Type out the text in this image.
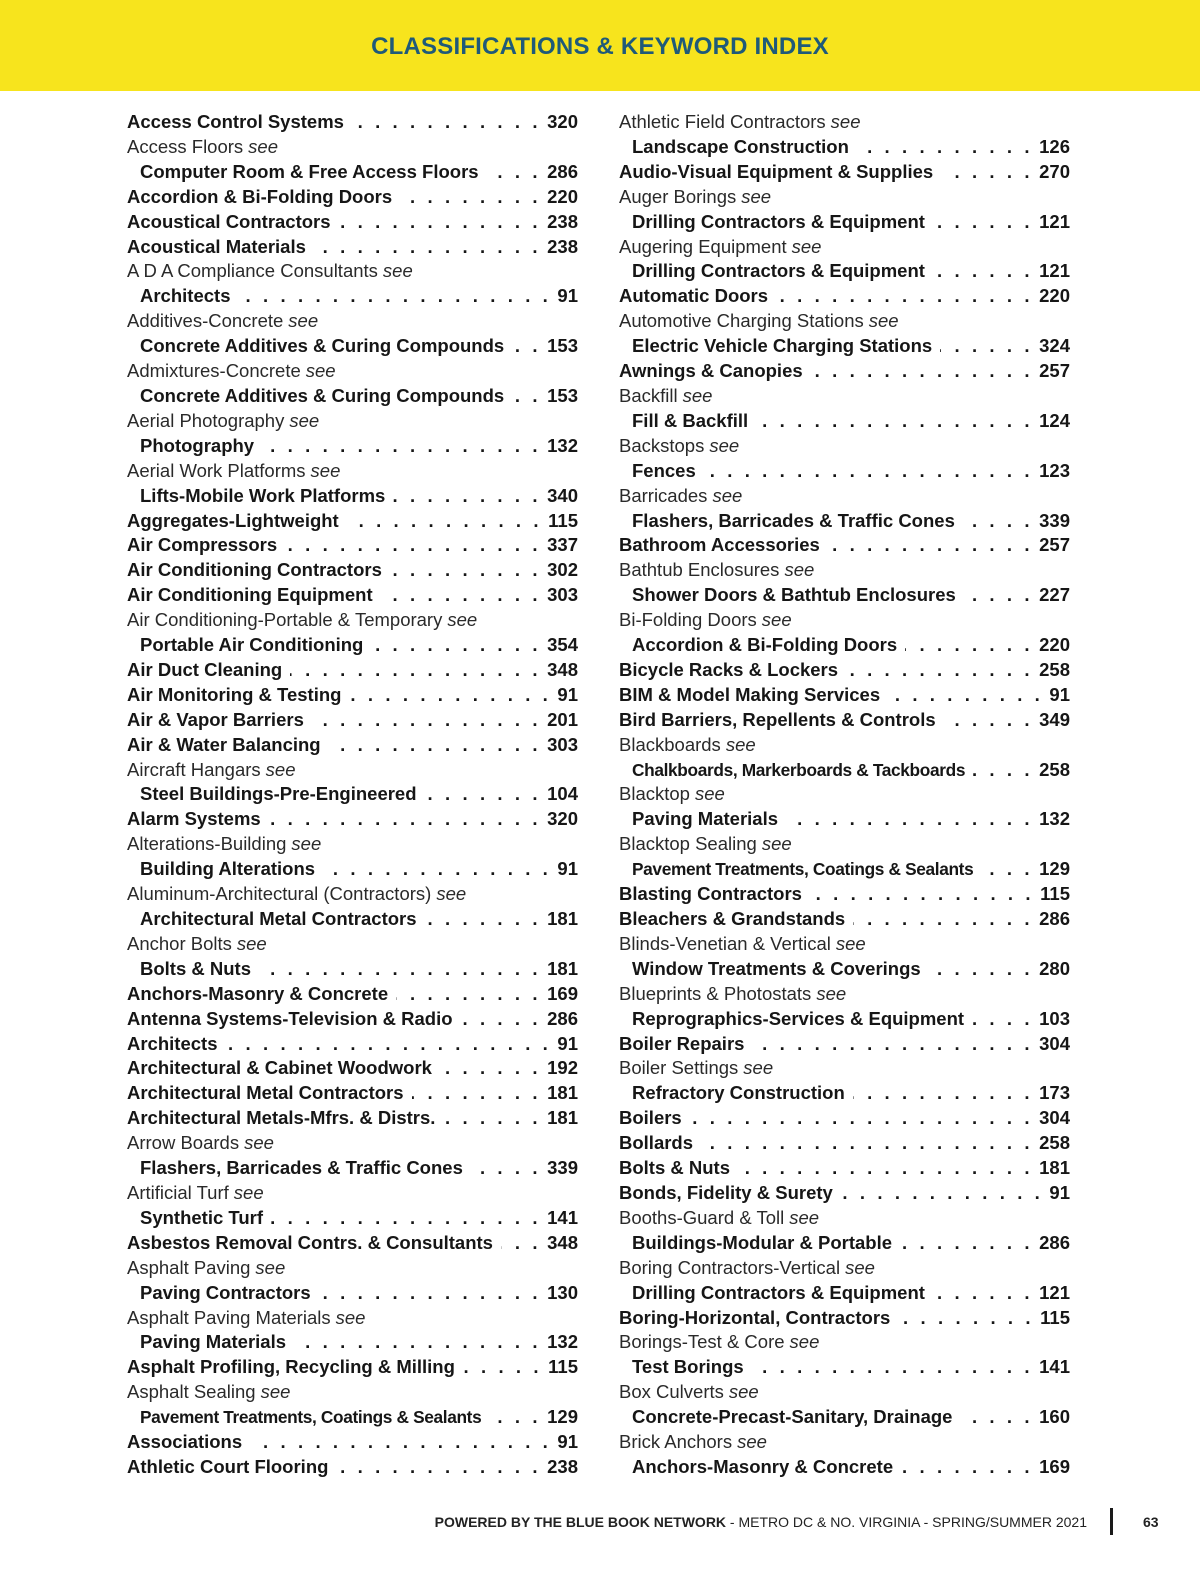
CLASSIFICATIONS & KEYWORD INDEX
Access Control Systems . . .	320
Access Floors see
Computer Room & Free Access Floors . . .	286
Accordion & Bi-Folding Doors . . .	220
Acoustical Contractors . . .	238
Acoustical Materials . . .	238
A D A Compliance Consultants see
Architects . . .	91
Additives-Concrete see
Concrete Additives & Curing Compounds . . . 153
Admixtures-Concrete see
Concrete Additives & Curing Compounds . . . 153
Aerial Photography see
Photography . . .	132
Aerial Work Platforms see
Lifts-Mobile Work Platforms . . .	340
Aggregates-Lightweight . . .	115
Air Compressors . . .	337
Air Conditioning Contractors . . .	302
Air Conditioning Equipment . . .	303
Air Conditioning-Portable & Temporary see
Portable Air Conditioning . . .	354
Air Duct Cleaning . . .	348
Air Monitoring & Testing . . .	91
Air & Vapor Barriers . . .	201
Air & Water Balancing . . .	303
Aircraft Hangars see
Steel Buildings-Pre-Engineered . . .	104
Alarm Systems . . .	320
Alterations-Building see
Building Alterations . . .	91
Aluminum-Architectural (Contractors) see
Architectural Metal Contractors . . .	181
Anchor Bolts see
Bolts & Nuts . . .	181
Anchors-Masonry & Concrete . . .	169
Antenna Systems-Television & Radio . . .	286
Architects . . .	91
Architectural & Cabinet Woodwork . . .	192
Architectural Metal Contractors . . .	181
Architectural Metals-Mfrs. & Distrs. . . .	181
Arrow Boards see
Flashers, Barricades & Traffic Cones . . .	339
Artificial Turf see
Synthetic Turf . . .	141
Asbestos Removal Contrs. & Consultants . . .	348
Asphalt Paving see
Paving Contractors . . .	130
Asphalt Paving Materials see
Paving Materials . . .	132
Asphalt Profiling, Recycling & Milling . . .	115
Asphalt Sealing see
Pavement Treatments, Coatings & Sealants . . .	129
Associations . . .	91
Athletic Court Flooring . . .	238
Athletic Field Contractors see
Landscape Construction . . .	126
Audio-Visual Equipment & Supplies . . .	270
Auger Borings see
Drilling Contractors & Equipment . . .	121
Augering Equipment see
Drilling Contractors & Equipment . . .	121
Automatic Doors . . .	220
Automotive Charging Stations see
Electric Vehicle Charging Stations . . .	324
Awnings & Canopies . . .	257
Backfill see
Fill & Backfill . . .	124
Backstops see
Fences . . .	123
Barricades see
Flashers, Barricades & Traffic Cones . . .	339
Bathroom Accessories . . .	257
Bathtub Enclosures see
Shower Doors & Bathtub Enclosures . . .	227
Bi-Folding Doors see
Accordion & Bi-Folding Doors . . .	220
Bicycle Racks & Lockers . . .	258
BIM & Model Making Services . . .	91
Bird Barriers, Repellents & Controls . . .	349
Blackboards see
Chalkboards, Markerboards & Tackboards . . .	258
Blacktop see
Paving Materials . . .	132
Blacktop Sealing see
Pavement Treatments, Coatings & Sealants . . .	129
Blasting Contractors . . .	115
Bleachers & Grandstands . . .	286
Blinds-Venetian & Vertical see
Window Treatments & Coverings . . .	280
Blueprints & Photostats see
Reprographics-Services & Equipment . . .	103
Boiler Repairs . . .	304
Boiler Settings see
Refractory Construction . . .	173
Boilers . . .	304
Bollards . . .	258
Bolts & Nuts . . .	181
Bonds, Fidelity & Surety . . .	91
Booths-Guard & Toll see
Buildings-Modular & Portable . . .	286
Boring Contractors-Vertical see
Drilling Contractors & Equipment . . .	121
Boring-Horizontal, Contractors . . .	115
Borings-Test & Core see
Test Borings . . .	141
Box Culverts see
Concrete-Precast-Sanitary, Drainage . . .	160
Brick Anchors see
Anchors-Masonry & Concrete . . .	169
POWERED BY THE BLUE BOOK NETWORK - METRO DC & NO. VIRGINIA - SPRING/SUMMER 2021	63
